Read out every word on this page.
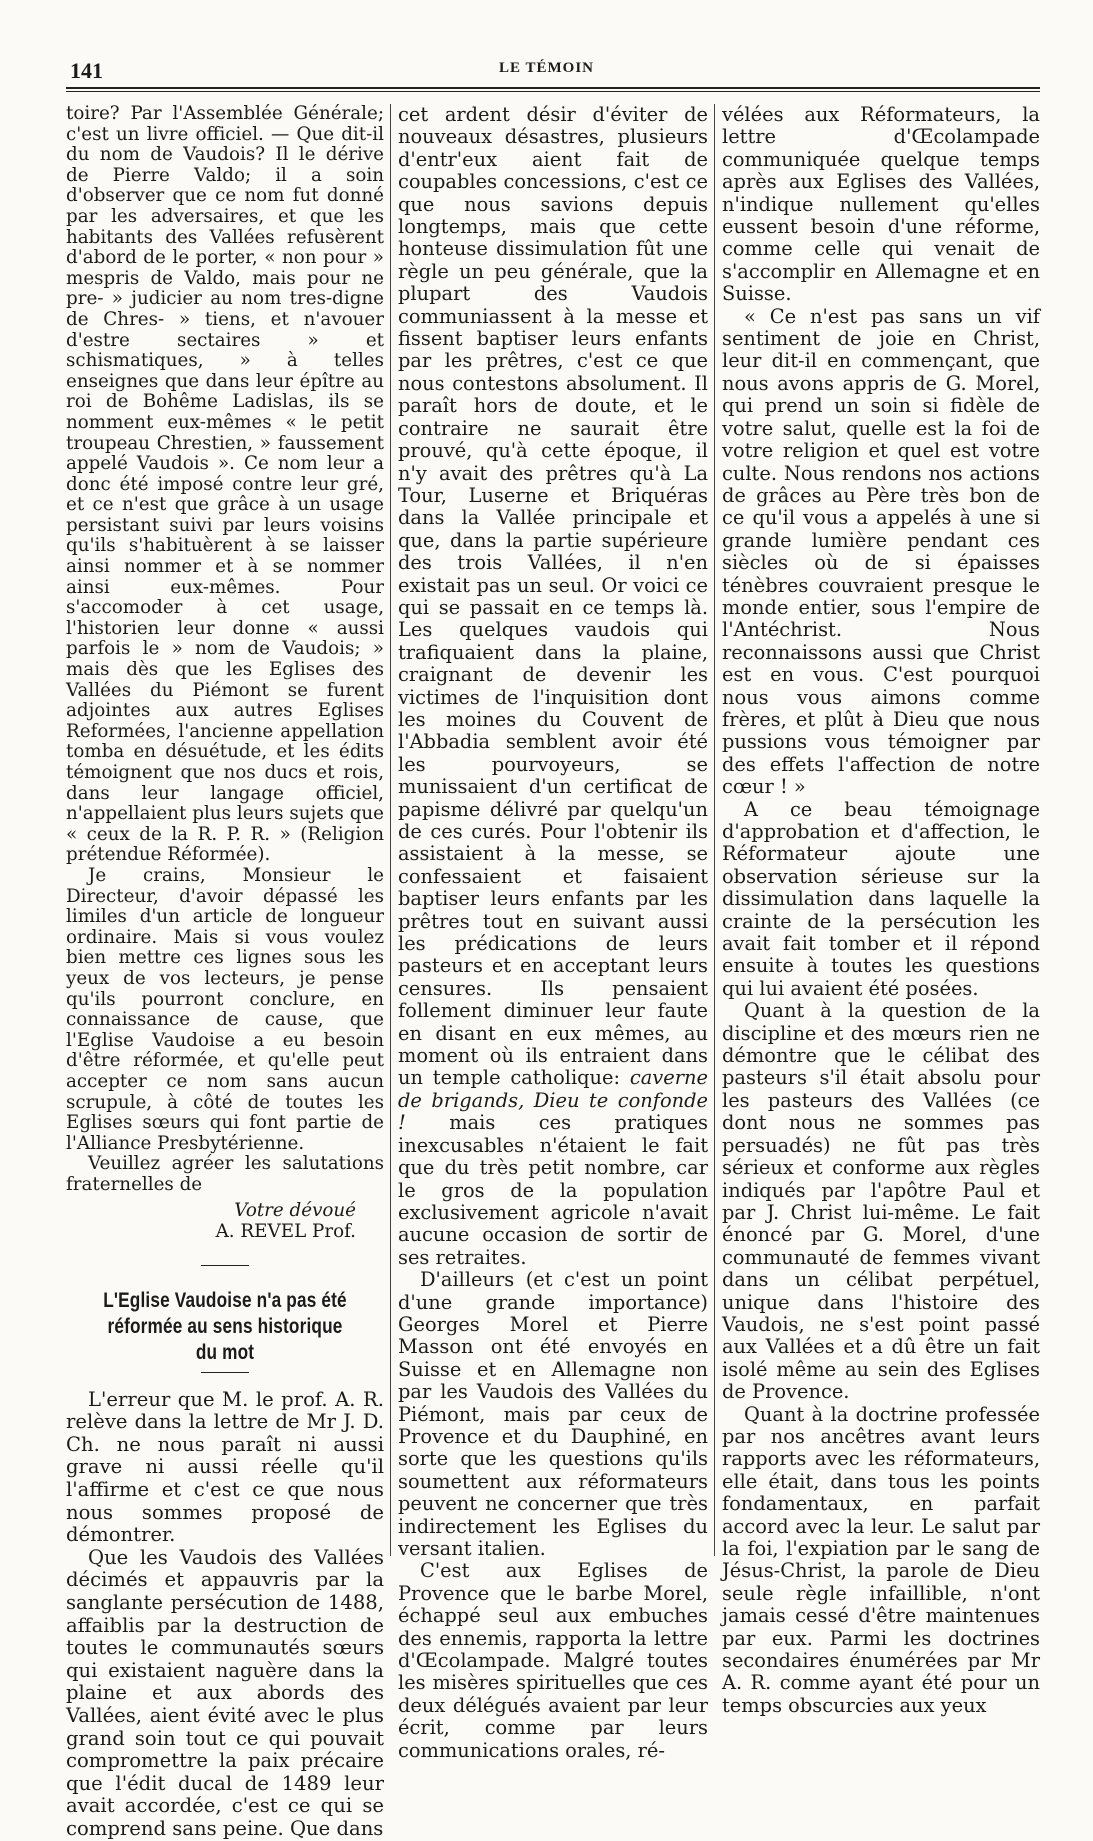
141	LE TÉMOIN

toire? Par l'Assemblée Générale; c'est un livre officiel. — Que dit-il du nom de Vaudois? Il le dérive de Pierre Valdo; il a soin d'observer que ce nom fut donné par les adversaires, et que les habitants des Vallées refusèrent d'abord de le porter, « non pour » mespris de Valdo, mais pour ne pre- » judicier au nom tres-digne de Chres- » tiens, et n'avouer d'estre sectaires » et schismatiques, » à telles enseignes que dans leur épître au roi de Bohême Ladislas, ils se nomment eux-mêmes « le petit troupeau Chrestien, » faussement appelé Vaudois ». Ce nom leur a donc été imposé contre leur gré, et ce n'est que grâce à un usage persistant suivi par leurs voisins qu'ils s'habituèrent à se laisser ainsi nommer et à se nommer ainsi eux-mêmes. Pour s'accomoder à cet usage, l'historien leur donne « aussi parfois le » nom de Vaudois; » mais dès que les Eglises des Vallées du Piémont se furent adjointes aux autres Eglises Reformées, l'ancienne appellation tomba en désuétude, et les édits témoignent que nos ducs et rois, dans leur langage officiel, n'appellaient plus leurs sujets que « ceux de la R. P. R. » (Religion prétendue Réformée).

Je crains, Monsieur le Directeur, d'avoir dépassé les limiles d'un article de longueur ordinaire. Mais si vous voulez bien mettre ces lignes sous les yeux de vos lecteurs, je pense qu'ils pourront conclure, en connaissance de cause, que l'Eglise Vaudoise a eu besoin d'être réformée, et qu'elle peut accepter ce nom sans aucun scrupule, à côté de toutes les Eglises sœurs qui font partie de l'Alliance Presbytérienne.

Veuillez agréer les salutations fraternelles de

Votre dévoué
A. REVEL Prof.
L'Eglise Vaudoise n'a pas été réformée au sens historique du mot

L'erreur que M. le prof. A. R. relève dans la lettre de Mr J. D. Ch. ne nous paraît ni aussi grave ni aussi réelle qu'il l'affirme et c'est ce que nous nous sommes proposé de démontrer.

Que les Vaudois des Vallées décimés et appauvris par la sanglante persécution de 1488, affaiblis par la destruction de toutes le communautés sœurs qui existaient naguère dans la plaine et aux abords des Vallées, aient évité avec le plus grand soin tout ce qui pouvait compromettre la paix précaire que l'édit ducal de 1489 leur avait accordée, c'est ce qui se comprend sans peine. Que dans

cet ardent désir d'éviter de nouveaux désastres, plusieurs d'entr'eux aient fait de coupables concessions, c'est ce que nous savions depuis longtemps, mais que cette honteuse dissimulation fût une règle un peu générale, que la plupart des Vaudois communiassent à la messe et fissent baptiser leurs enfants par les prêtres, c'est ce que nous contestons absolument. Il paraît hors de doute, et le contraire ne saurait être prouvé, qu'à cette époque, il n'y avait des prêtres qu'à La Tour, Luserne et Briquéras dans la Vallée principale et que, dans la partie supérieure des trois Vallées, il n'en existait pas un seul. Or voici ce qui se passait en ce temps là. Les quelques vaudois qui trafiquaient dans la plaine, craignant de devenir les victimes de l'inquisition dont les moines du Couvent de l'Abbadia semblent avoir été les pourvoyeurs, se munissaient d'un certificat de papisme délivré par quelqu'un de ces curés. Pour l'obtenir ils assistaient à la messe, se confessaient et faisaient baptiser leurs enfants par les prêtres tout en suivant aussi les prédications de leurs pasteurs et en acceptant leurs censures. Ils pensaient follement diminuer leur faute en disant en eux mêmes, au moment où ils entraient dans un temple catholique: caverne de brigands, Dieu te confonde ! mais ces pratiques inexcusables n'étaient le fait que du très petit nombre, car le gros de la population exclusivement agricole n'avait aucune occasion de sortir de ses retraites.

D'ailleurs (et c'est un point d'une grande importance) Georges Morel et Pierre Masson ont été envoyés en Suisse et en Allemagne non par les Vaudois des Vallées du Piémont, mais par ceux de Provence et du Dauphiné, en sorte que les questions qu'ils soumettent aux réformateurs peuvent ne concerner que très indirectement les Eglises du versant italien.

C'est aux Eglises de Provence que le barbe Morel, échappé seul aux embuches des ennemis, rapporta la lettre d'Œcolampade. Malgré toutes les misères spirituelles que ces deux délégués avaient par leur écrit, comme par leurs communications orales, ré-

vélées aux Réformateurs, la lettre d'Œcolampade communiquée quelque temps après aux Eglises des Vallées, n'indique nullement qu'elles eussent besoin d'une réforme, comme celle qui venait de s'accomplir en Allemagne et en Suisse.

« Ce n'est pas sans un vif sentiment de joie en Christ, leur dit-il en commençant, que nous avons appris de G. Morel, qui prend un soin si fidèle de votre salut, quelle est la foi de votre religion et quel est votre culte. Nous rendons nos actions de grâces au Père très bon de ce qu'il vous a appelés à une si grande lumière pendant ces siècles où de si épaisses ténèbres couvraient presque le monde entier, sous l'empire de l'Antéchrist. Nous reconnaissons aussi que Christ est en vous. C'est pourquoi nous vous aimons comme frères, et plût à Dieu que nous pussions vous témoigner par des effets l'affection de notre cœur ! »

A ce beau témoignage d'approbation et d'affection, le Réformateur ajoute une observation sérieuse sur la dissimulation dans laquelle la crainte de la persécution les avait fait tomber et il répond ensuite à toutes les questions qui lui avaient été posées.

Quant à la question de la discipline et des mœurs rien ne démontre que le célibat des pasteurs s'il était absolu pour les pasteurs des Vallées (ce dont nous ne sommes pas persuadés) ne fût pas très sérieux et conforme aux règles indiqués par l'apôtre Paul et par J. Christ lui-même. Le fait énoncé par G. Morel, d'une communauté de femmes vivant dans un célibat perpétuel, unique dans l'histoire des Vaudois, ne s'est point passé aux Vallées et a dû être un fait isolé même au sein des Eglises de Provence.

Quant à la doctrine professée par nos ancêtres avant leurs rapports avec les réformateurs, elle était, dans tous les points fondamentaux, en parfait accord avec la leur. Le salut par la foi, l'expiation par le sang de Jésus-Christ, la parole de Dieu seule règle infaillible, n'ont jamais cessé d'être maintenues par eux. Parmi les doctrines secondaires énumérées par Mr A. R. comme ayant été pour un temps obscurcies aux yeux
